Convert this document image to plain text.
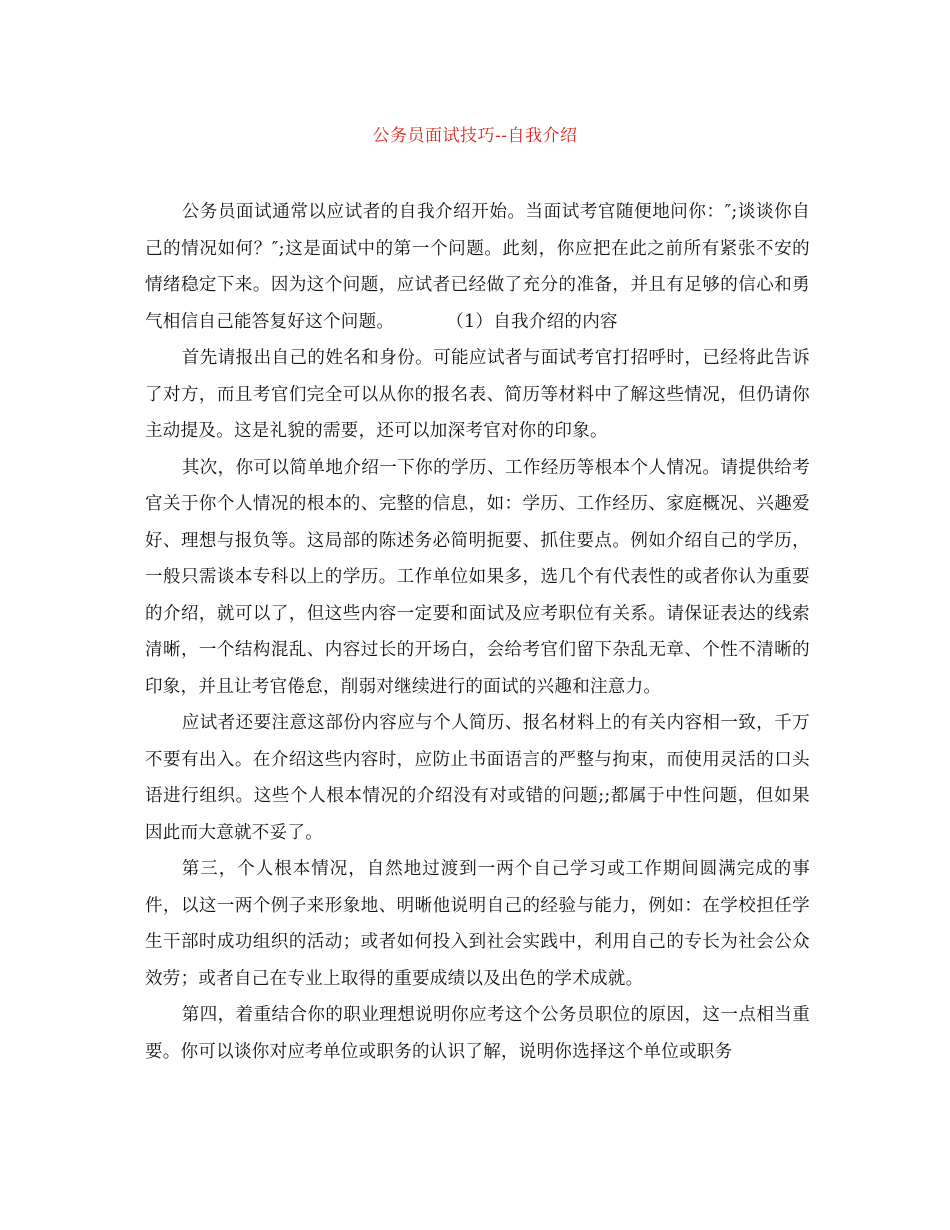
公务员面试技巧--自我介绍

公务员面试通常以应试者的自我介绍开始。当面试考官随便地问你：″;谈谈你自己的情况如何？″;这是面试中的第一个问题。此刻，你应把在此之前所有紧张不安的情绪稳定下来。因为这个问题，应试者已经做了充分的准备，并且有足够的信心和勇气相信自己能答复好这个问题。	（1）自我介绍的内容

首先请报出自己的姓名和身份。可能应试者与面试考官打招呼时，已经将此告诉了对方，而且考官们完全可以从你的报名表、简历等材料中了解这些情况，但仍请你主动提及。这是礼貌的需要，还可以加深考官对你的印象。

其次，你可以简单地介绍一下你的学历、工作经历等根本个人情况。请提供给考官关于你个人情况的根本的、完整的信息，如：学历、工作经历、家庭概况、兴趣爱好、理想与报负等。这局部的陈述务必简明扼要、抓住要点。例如介绍自己的学历，一般只需谈本专科以上的学历。工作单位如果多，选几个有代表性的或者你认为重要的介绍，就可以了，但这些内容一定要和面试及应考职位有关系。请保证表达的线索清晰，一个结构混乱、内容过长的开场白，会给考官们留下杂乱无章、个性不清晰的印象，并且让考官倦怠，削弱对继续进行的面试的兴趣和注意力。

应试者还要注意这部份内容应与个人简历、报名材料上的有关内容相一致，千万不要有出入。在介绍这些内容时，应防止书面语言的严整与拘束，而使用灵活的口头语进行组织。这些个人根本情况的介绍没有对或错的问题;;都属于中性问题，但如果因此而大意就不妥了。

第三，个人根本情况，自然地过渡到一两个自己学习或工作期间圆满完成的事件，以这一两个例子来形象地、明晰他说明自己的经验与能力，例如：在学校担任学生干部时成功组织的活动；或者如何投入到社会实践中，利用自己的专长为社会公众效劳；或者自己在专业上取得的重要成绩以及出色的学术成就。

第四，着重结合你的职业理想说明你应考这个公务员职位的原因，这一点相当重要。你可以谈你对应考单位或职务的认识了解，说明你选择这个单位或职务
